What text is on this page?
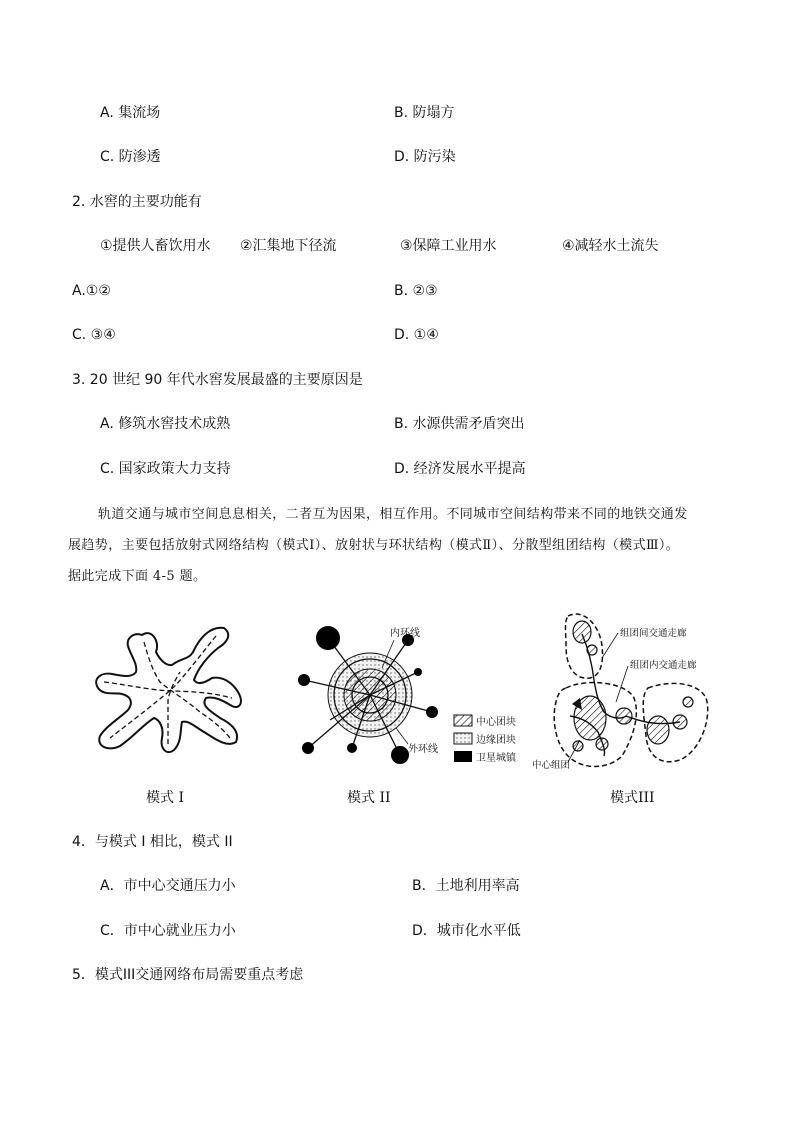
A. 集流场	B. 防塌方
C. 防渗透	D. 防污染
2. 水窖的主要功能有
①提供人畜饮用水 ②汇集地下径流	③保障工业用水	④减轻水土流失
A.①②	B. ②③
C. ③④	D. ①④
3. 20 世纪 90 年代水窖发展最盛的主要原因是
A. 修筑水窖技术成熟	B. 水源供需矛盾突出
C. 国家政策大力支持	D. 经济发展水平提高
轨道交通与城市空间息息相关，二者互为因果，相互作用。不同城市空间结构带来不同的地铁交通发
展趋势，主要包括放射式网络结构（模式Ⅰ）、放射状与环状结构（模式Ⅱ）、分散型组团结构（模式Ⅲ）。
据此完成下面 4-5 题。
模式 I
内环线
外环线
模式 II
中心团块
边缘团块
卫星城镇
组团间交通走廊
组团内交通走廊
中心组团
模式III
4．与模式 I 相比，模式 II
A．市中心交通压力小	B．土地利用率高
C．市中心就业压力小	D．城市化水平低
5．模式III交通网络布局需要重点考虑
